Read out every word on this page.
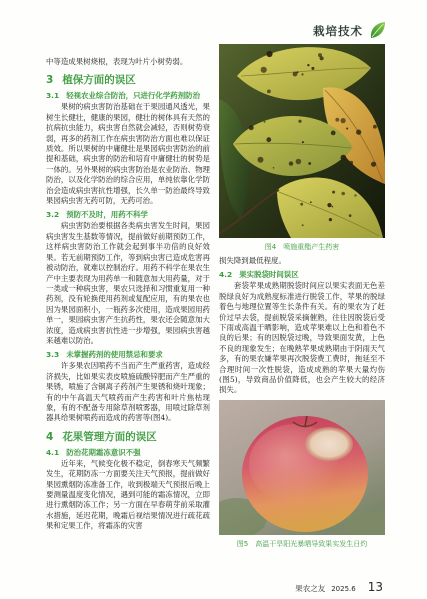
栽培技术

中等造成果树烧根，表现为叶片小树势弱。

3 植保方面的误区
3.1 轻视农业综合防治，只进行化学药剂防治

果树的病虫害防治基础在于果园通风透光，果树生长健壮，健康的果园，健壮的树体具有天然的抗病抗虫能力，病虫害自然就会减轻，否则树势衰弱，再多的药剂工作在病虫害防治方面也难以保证质效。所以果树的中庸健壮是果园病虫害防治的前提和基础，病虫害的防治和培育中庸健壮的树势是一体的。另外果树的病虫害防治是农业防治、物理防治，以及化学防治的综合应用，单纯依靠化学防治会造成病虫害抗性增强，长久单一防治最终导致果园病虫害无药可防，无药可治。

3.2 预防不及时，用药不科学

病虫害防治要根据各类病虫害发生时间，果园病虫害发生基数等情况，提前做好前期预防工作，这样病虫害防治工作就会起到事半功倍的良好效果。若无前期预防工作，等到病虫害已造成危害再被动防治，就难以控制治疗。用药不科学在果农生产中主要表现为用药单一和随意加大用药量，对于一类或一种病虫害，果农只选择和习惯重复用一种药剂，没有轮换使用药剂或复配应用，有的果农也因为果园面积小，一瓶药多次使用，造成果园用药单一，果园病虫害产生抗药性，果农还会随意加大浓度，造成病虫害抗性进一步增强，果园病虫害越来越难以防治。

3.3 未掌握药剂的使用禁忌和要求

许多果农因喷药不当而产生严重药害，造成经济损失，比如果实表皮喷施硫酸锌肥而产生严重的果锈，喷施了含铜离子药剂产生果锈和烧叶现象；有的中午高温天气喷药而产生药害和叶片焦枯现象，有的不配备专用除草剂喷雾器，用喷过除草剂器具给果树喷药而造成的药害等(图4)。

4 花果管理方面的误区
4.1 防治花期霜冻意识不强

近年来，气候变化极不稳定，倒春寒天气频繁发生，花期防冻一方面要关注天气预报，提前做好果园熏烟防冻准备工作，收到极端天气预报后晚上要测量温度变化情况，遇到可能的霜冻情况，立即进行熏烟防冻工作；另一方面在早春萌芽前采取灌水措施，延迟花期，晚霜后视结果情况进行疏花疏果和定果工作，将霜冻的灾害

图4 喷施重酯产生药害

损失降到最低程度。

4.2 果实脱袋时间误区

套袋苹果成熟期脱袋时间应以果实表面无色差脱绿良好为成熟度标准进行脱袋工作，苹果的脱绿着色与地理位置等生长条件有关。有的果农为了赶价过早去袋，提前脱袋采摘催熟，往往因脱袋后受下雨或高温干晒影响，造成苹果难以上色和着色不良的后果；有的因脱袋过晚，导致果面发黄，上色不良的现象发生；在晚熟苹果成熟期由于阴雨天气多，有的果农嫌苹果再次脱袋费工费时，拖延至不合理时间一次性脱袋，造成成熟的苹果大量灼伤(图5)，导致商品价值降低，也会产生较大的经济损失。

图5 高温干旱阳光暴晒导致果实发生日灼
果农之友 2025.6 13
